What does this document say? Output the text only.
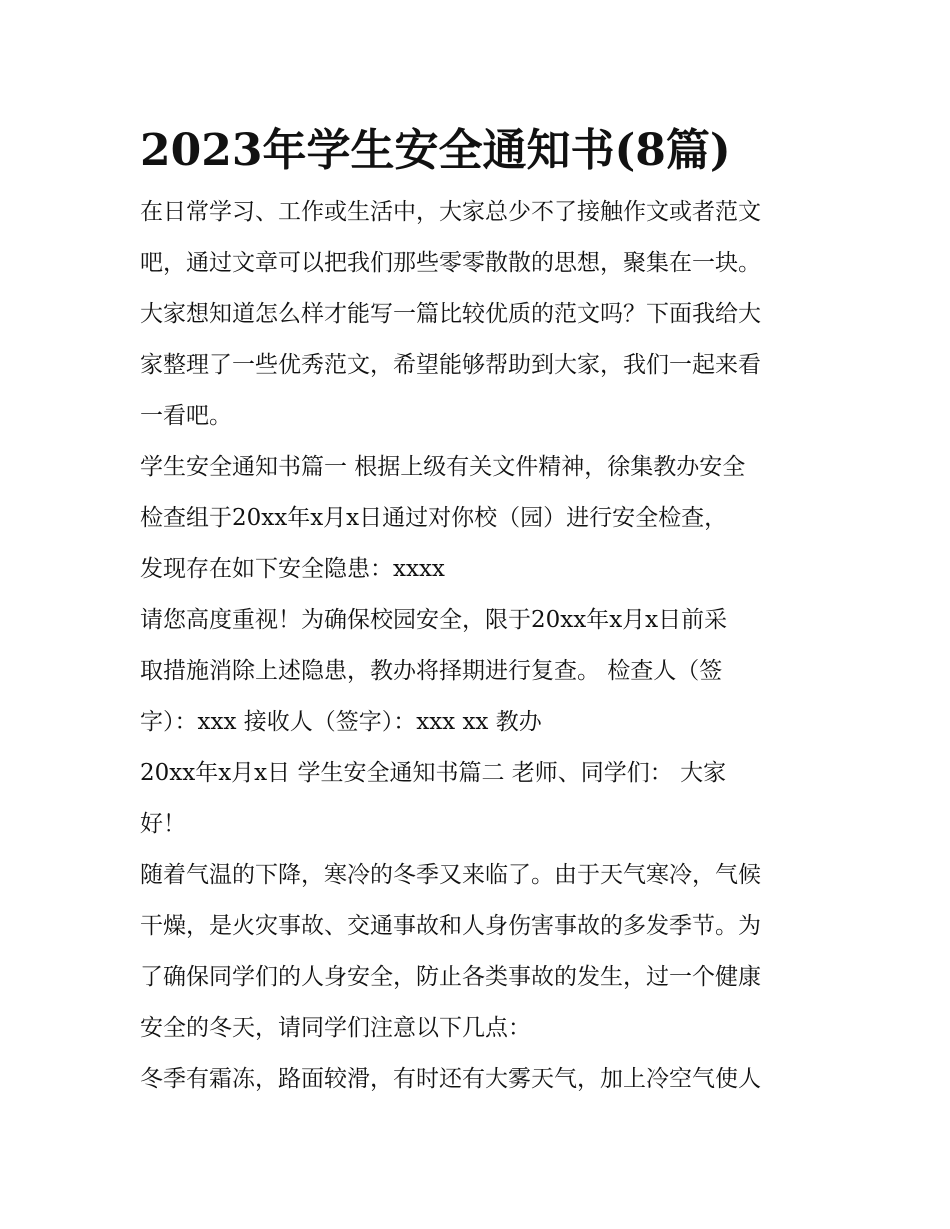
2023年学生安全通知书(8篇)
在日常学习、工作或生活中，大家总少不了接触作文或者范文
吧，通过文章可以把我们那些零零散散的思想，聚集在一块。
大家想知道怎么样才能写一篇比较优质的范文吗？下面我给大
家整理了一些优秀范文，希望能够帮助到大家，我们一起来看
一看吧。
学生安全通知书篇一 根据上级有关文件精神，徐集教办安全
检查组于20xx年x月x日通过对你校（园）进行安全检查，
发现存在如下安全隐患：xxxx
请您高度重视！为确保校园安全，限于20xx年x月x日前采
取措施消除上述隐患，教办将择期进行复查。 检查人（签
字）：xxx 接收人（签字）：xxx xx 教办
20xx年x月x日 学生安全通知书篇二 老师、同学们： 大家
好！
随着气温的下降，寒冷的冬季又来临了。由于天气寒冷，气候
干燥，是火灾事故、交通事故和人身伤害事故的多发季节。为
了确保同学们的人身安全，防止各类事故的发生，过一个健康
安全的冬天，请同学们注意以下几点：
冬季有霜冻，路面较滑，有时还有大雾天气，加上冷空气使人
